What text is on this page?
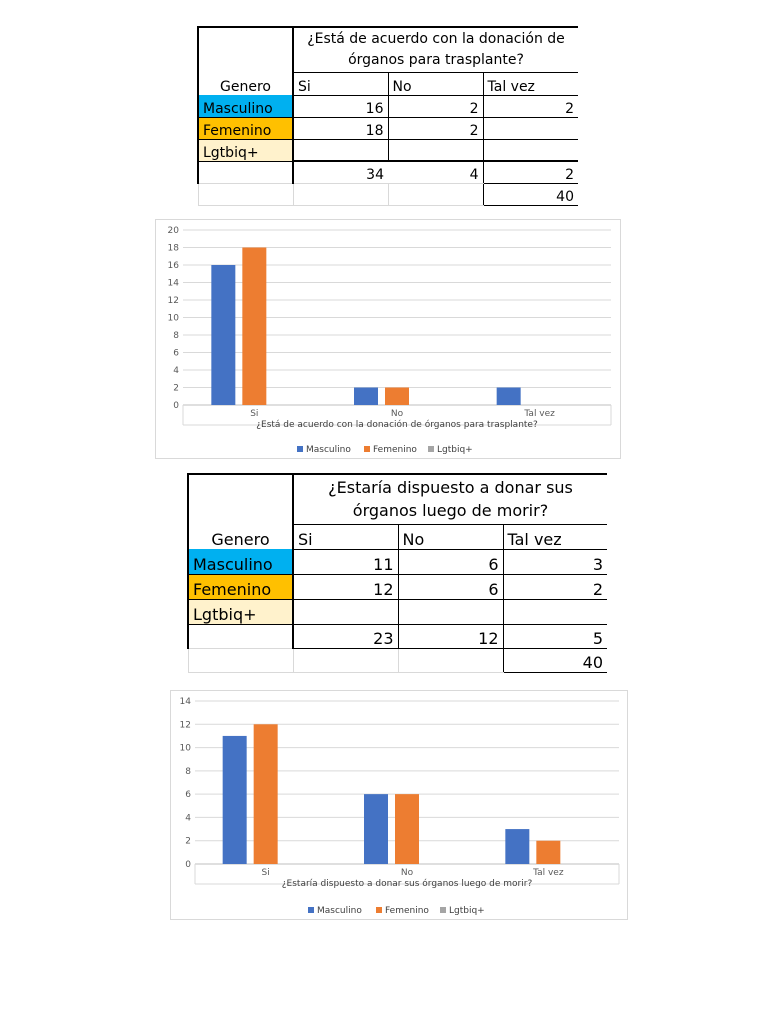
Genero	¿Está de acuerdo con la donación de órganos para trasplante?		
	Si	No	Tal vez
Masculino	16	2	2
Femenino	18	2	
Lgtbiq+			
	34	4	2
			40
0
2
4
6
8
10
12
14
16
18
20
Si	No	Tal vez
¿Está de acuerdo con la donación de órganos para trasplante?
Masculino Femenino Lgtbiq+
Genero	¿Estaría dispuesto a donar sus órganos luego de morir?		
	Si	No	Tal vez
Masculino	11	6	3
Femenino	12	6	2
Lgtbiq+			
	23	12	5
			40
0
2
4
6
8
10
12
14
Si	No	Tal vez
¿Estaría dispuesto a donar sus órganos luego de morir?
Masculino	Femenino Lgtbiq+
